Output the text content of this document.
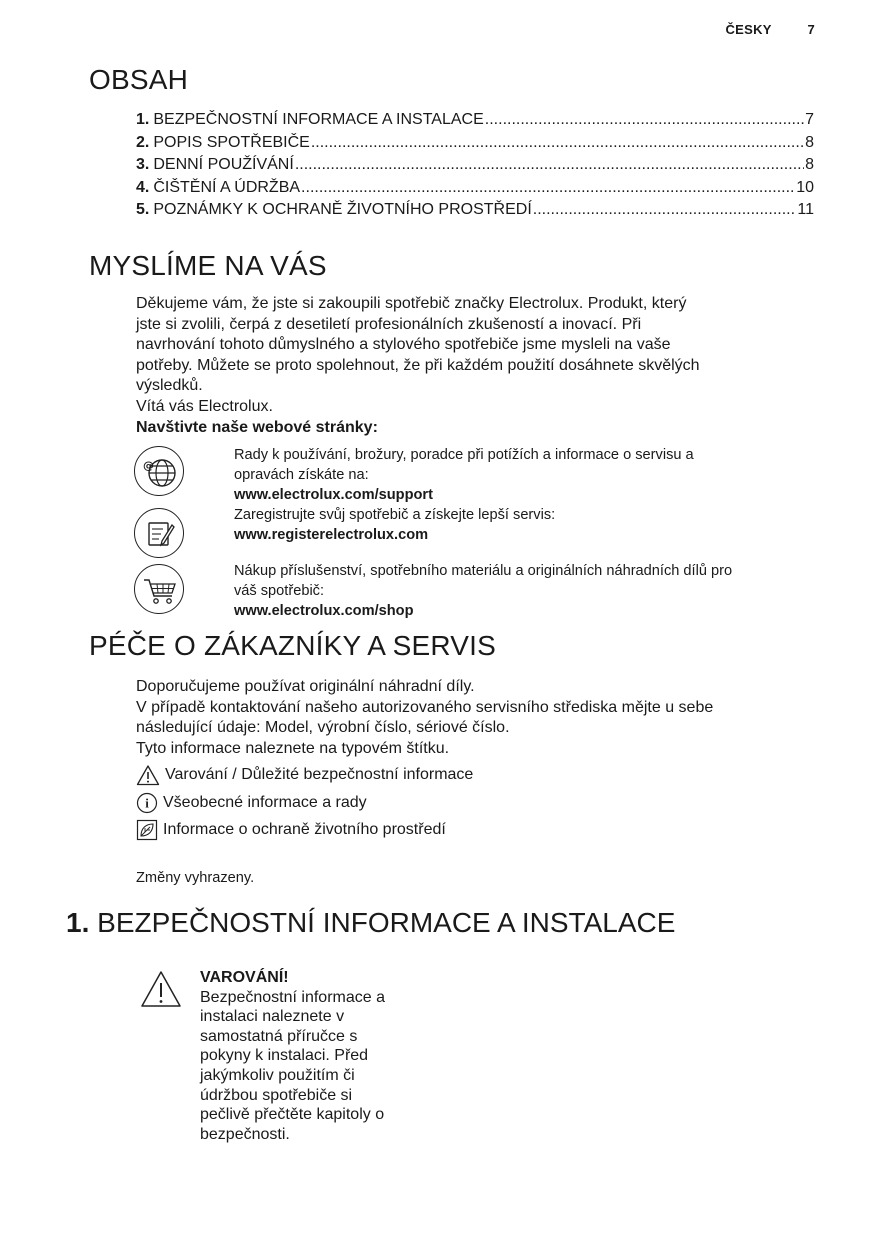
ČESKY	7
OBSAH
1. BEZPEČNOSTNÍ INFORMACE A INSTALACE .....	7
2. POPIS SPOTŘEBIČE .....	8
3. DENNÍ POUŽÍVÁNÍ .....	8
4. ČIŠTĚNÍ A ÚDRŽBA .....	10
5. POZNÁMKY K OCHRANĚ ŽIVOTNÍHO PROSTŘEDÍ .....	11
MYSLÍME NA VÁS

Děkujeme vám, že jste si zakoupili spotřebič značky Electrolux. Produkt, který

jste si zvolili, čerpá z desetiletí profesionálních zkušeností a inovací. Při

navrhování tohoto důmyslného a stylového spotřebiče jsme mysleli na vaše

potřeby. Můžete se proto spolehnout, že při každém použití dosáhnete skvělých

výsledků.

Vítá vás Electrolux.

Navštivte naše webové stránky:

@
Rady k používání, brožury, poradce při potížích a informace o servisu a
opravách získáte na:
www.electrolux.com/support
Zaregistrujte svůj spotřebič a získejte lepší servis:
www.registerelectrolux.com
Nákup příslušenství, spotřebního materiálu a originálních náhradních dílů pro
váš spotřebič:
www.electrolux.com/shop
PÉČE O ZÁKAZNÍKY A SERVIS

Doporučujeme používat originální náhradní díly.

V případě kontaktování našeho autorizovaného servisního střediska mějte u sebe

následující údaje: Model, výrobní číslo, sériové číslo.

Tyto informace naleznete na typovém štítku.

Varování / Důležité bezpečnostní informace
i Všeobecné informace a rady
Informace o ochraně životního prostředí
Změny vyhrazeny.
1. BEZPEČNOSTNÍ INFORMACE A INSTALACE
VAROVÁNÍ!
Bezpečnostní informace a
instalaci naleznete v
samostatná příručce s
pokyny k instalaci. Před
jakýmkoliv použitím či
údržbou spotřebiče si
pečlivě přečtěte kapitoly o
bezpečnosti.
